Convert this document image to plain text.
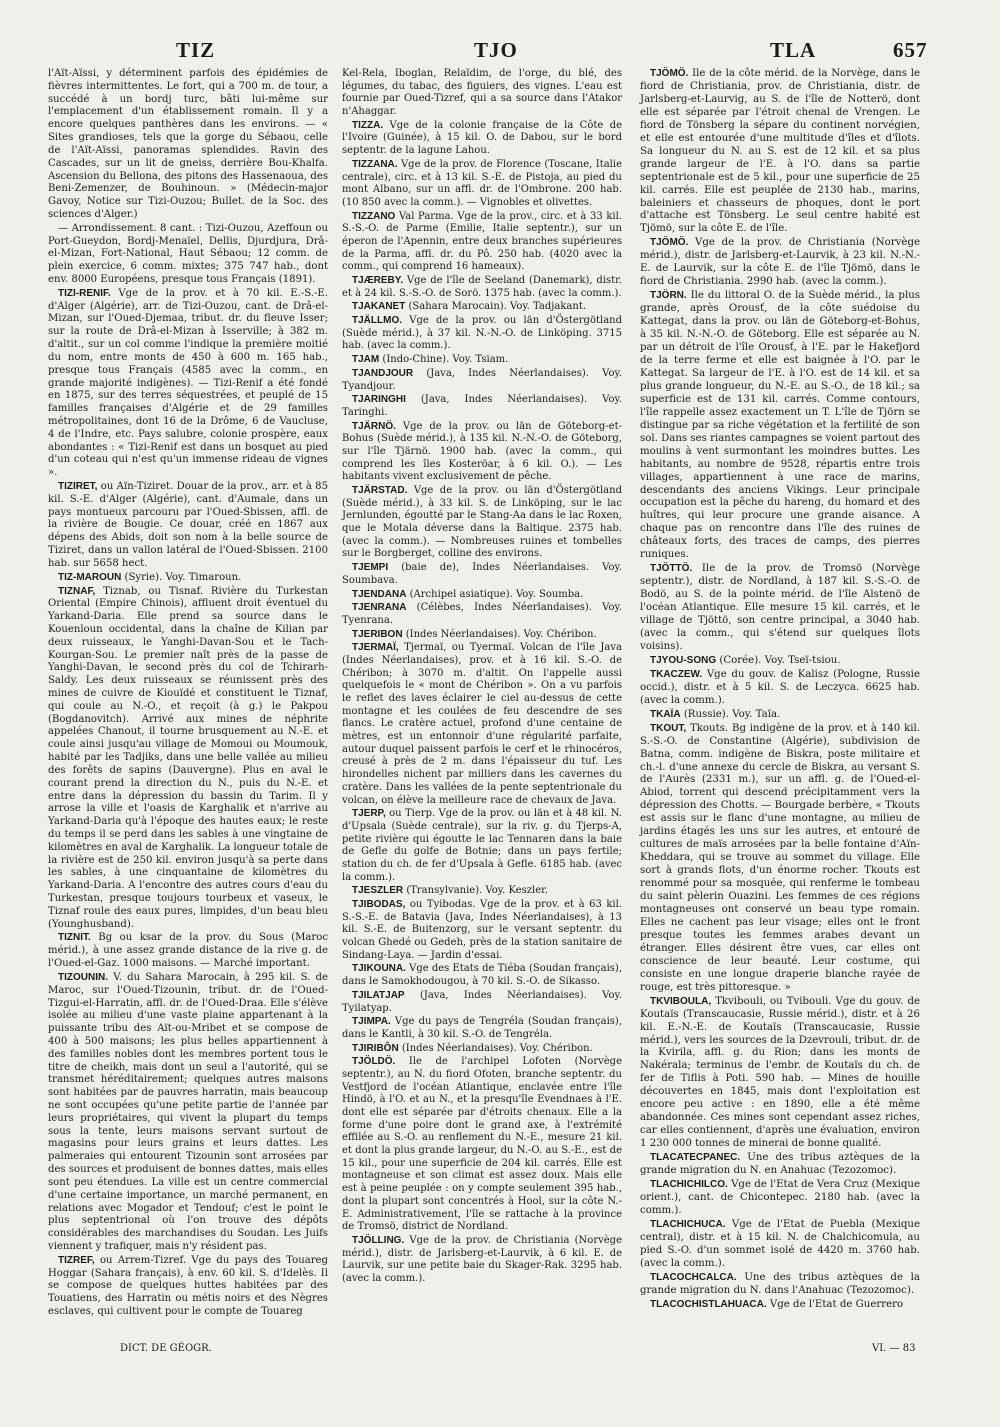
TIZ	TJO	TLA	657

l'Aït-Aïssi, y déterminent parfois des épidémies de fièvres intermittentes. Le fort, qui a 700 m. de tour, a succédé à un bordj turc, bâti lui-même sur l'emplacement d'un établissement romain. Il y a encore quelques panthères dans les environs. — « Sites grandioses, tels que la gorge du Sébaou, celle de l'Aït-Aïssi, panoramas splendides. Ravin des Cascades, sur un lit de gneiss, derrière Bou-Khalfa. Ascension du Bellona, des pitons des Hassenaoua, des Beni-Zemenzer, de Bouhinoun. » (Médecin-major Gavoy, Notice sur Tizi-Ouzou; Bullet. de la Soc. des sciences d'Alger.)

— Arrondissement. 8 cant. : Tizi-Ouzou, Azeffoun ou Port-Gueydon, Bordj-Menaïel, Dellis, Djurdjura, Drâ-el-Mizan, Fort-National, Haut Sébaou; 12 comm. de plein exercice, 6 comm. mixtes; 375 747 hab., dont env. 8000 Européens, presque tous Français (1891).

TIZI-RENIF. Vge de la prov. et à 70 kil. E.-S.-E. d'Alger (Algérie), arr. de Tizi-Ouzou, cant. de Drâ-el-Mizan, sur l'Oued-Djemaa, tribut. dr. du fleuve Isser; sur la route de Drâ-el-Mizan à Isserville; à 382 m. d'altit., sur un col comme l'indique la première moitié du nom, entre monts de 450 à 600 m. 165 hab., presque tous Français (4585 avec la comm., en grande majorité indigènes). — Tizi-Renif a été fondé en 1875, sur des terres séquestrées, et peuplé de 15 familles françaises d'Algérie et de 29 familles métropolitaines, dont 16 de la Drôme, 6 de Vaucluse, 4 de l'Indre, etc. Pays salubre, colonie prospère, eaux abondantes : « Tizi-Renif est dans un bosquet au pied d'un coteau qui n'est qu'un immense rideau de vignes ».

TIZIRET, ou Aïn-Tiziret. Douar de la prov., arr. et à 85 kil. S.-E. d'Alger (Algérie), cant. d'Aumale, dans un pays montueux parcouru par l'Oued-Sbissen, affl. de la rivière de Bougie. Ce douar, créé en 1867 aux dépens des Abids, doit son nom à la belle source de Tiziret, dans un vallon latéral de l'Oued-Sbissen. 2100 hab. sur 5658 hect.

TIZ-MAROUN (Syrie). Voy. Timaroun.

TIZNAF, Tiznab, ou Tisnaf. Rivière du Turkestan Oriental (Empire Chinois), affluent droit éventuel du Yarkand-Daria. Elle prend sa source dans le Kouenloun occidental, dans la chaîne de Kilian par deux ruisseaux, le Yanghi-Davan-Sou et le Tach-Kourgan-Sou. Le premier naît près de la passe de Yanghi-Davan, le second près du col de Tchirarh-Saldy. Les deux ruisseaux se réunissent près des mines de cuivre de Kiouïdé et constituent le Tiznaf, qui coule au N.-O., et reçoit (à g.) le Pakpou (Bogdanovitch). Arrivé aux mines de néphrite appelées Chanout, il tourne brusquement au N.-E. et coule ainsi jusqu'au village de Momoui ou Moumouk, habité par les Tadjiks, dans une belle vallée au milieu des forêts de sapins (Dauvergne). Plus en aval le courant prend la direction du N., puis du N.-E. et entre dans la dépression du bassin du Tarim. Il y arrose la ville et l'oasis de Karghalik et n'arrive au Yarkand-Daria qu'à l'époque des hautes eaux; le reste du temps il se perd dans les sables à une vingtaine de kilomètres en aval de Karghalik. La longueur totale de la rivière est de 250 kil. environ jusqu'à sa perte dans les sables, à une cinquantaine de kilomètres du Yarkand-Daria. A l'encontre des autres cours d'eau du Turkestan, presque toujours tourbeux et vaseux, le Tiznaf roule des eaux pures, limpides, d'un beau bleu (Younghusband).

TIZNIT. Bg ou ksar de la prov. du Sous (Maroc mérid.), à une assez grande distance de la rive g. de l'Oued-el-Gaz. 1000 maisons. — Marché important.

TIZOUNIN. V. du Sahara Marocain, à 295 kil. S. de Maroc, sur l'Oued-Tizounin, tribut. dr. de l'Oued-Tizgui-el-Harratin, affl. dr. de l'Oued-Draa. Elle s'élève isolée au milieu d'une vaste plaine appartenant à la puissante tribu des Aït-ou-Mribet et se compose de 400 à 500 maisons; les plus belles appartiennent à des familles nobles dont les membres portent tous le titre de cheikh, mais dont un seul a l'autorité, qui se transmet héréditairement; quelques autres maisons sont habitées par de pauvres harratin, mais beaucoup ne sont occupées qu'une petite partie de l'année par leurs propriétaires, qui vivent la plupart du temps sous la tente, leurs maisons servant surtout de magasins pour leurs grains et leurs dattes. Les palmeraies qui entourent Tizounin sont arrosées par des sources et produisent de bonnes dattes, mais elles sont peu étendues. La ville est un centre commercial d'une certaine importance, un marché permanent, en relations avec Mogador et Tendouf; c'est le point le plus septentrional où l'on trouve des dépôts considérables des marchandises du Soudan. Les Juifs viennent y trafiquer, mais n'y résident pas.

TIZREF, ou Arrem-Tizref. Vge du pays des Touareg Hoggar (Sahara français), à env. 60 kil. S. d'Idelès. Il se compose de quelques huttes habitées par des Touatiens, des Harratin ou métis noirs et des Nègres esclaves, qui cultivent pour le compte de Touareg

Kel-Rela, Iboglan, Relaïdim, de l'orge, du blé, des légumes, du tabac, des figuiers, des vignes. L'eau est fournie par Oued-Tizref, qui a sa source dans l'Atakor n'Ahaggar.

TIZZA. Vge de la colonie française de la Côte de l'Ivoire (Guinée), à 15 kil. O. de Dabou, sur le bord septentr. de la lagune Lahou.

TIZZANA. Vge de la prov. de Florence (Toscane, Italie centrale), circ. et à 13 kil. S.-E. de Pistoja, au pied du mont Albano, sur un affl. dr. de l'Ombrone. 200 hab. (10 850 avec la comm.). — Vignobles et olivettes.

TIZZANO Val Parma. Vge de la prov., circ. et à 33 kil. S.-S.-O. de Parme (Emilie, Italie septentr.), sur un éperon de l'Apennin, entre deux branches supérieures de la Parma, affl. dr. du Pô. 250 hab. (4020 avec la comm., qui comprend 16 hameaux).

TJÆREBY. Vge de l'île de Seeland (Danemark), distr. et à 24 kil. S.-S.-O. de Sorö. 1375 hab. (avec la comm.).

TJAKANET (Sahara Marocain). Voy. Tadjakant.

TJÄLLMO. Vge de la prov. ou län d'Östergötland (Suède mérid.), à 37 kil. N.-N.-O. de Linköping. 3715 hab. (avec la comm.).

TJAM (Indo-Chine). Voy. Tsiam.

TJANDJOUR (Java, Indes Néerlandaises). Voy. Tyandjour.

TJARINGHI (Java, Indes Néerlandaises). Voy. Taringhi.

TJÄRNÖ. Vge de la prov. ou län de Göteborg-et-Bohus (Suède mérid.), à 135 kil. N.-N.-O. de Göteborg, sur l'île Tjärnö. 1900 hab. (avec la comm., qui comprend les îles Kosteröar, à 6 kil. O.). — Les habitants vivent exclusivement de pêche.

TJÄRSTAD. Vge de la prov. ou län d'Östergötland (Suède mérid.), à 33 kil. S. de Linköping, sur le lac Jernlunden, égoutté par le Stang-Aa dans le lac Roxen, que le Motala déverse dans la Baltique. 2375 hab. (avec la comm.). — Nombreuses ruines et tombelles sur le Borgberget, colline des environs.

TJEMPI (baie de), Indes Néerlandaises. Voy. Soumbava.

TJENDANA (Archipel asiatique). Voy. Soumba.

TJENRANA (Célèbes, Indes Néerlandaises). Voy. Tyenrana.

TJERIBON (Indes Néerlandaises). Voy. Chéribon.

TJERMAÏ, Tjermaï, ou Tyermaï. Volcan de l'île Java (Indes Néerlandaises), prov. et à 16 kil. S.-O. de Chéribon; à 3070 m. d'altit. On l'appelle aussi quelquefois le « mont de Chéribon ». On a vu parfois le reflet des laves éclairer le ciel au-dessus de cette montagne et les coulées de feu descendre de ses flancs. Le cratère actuel, profond d'une centaine de mètres, est un entonnoir d'une régularité parfaite, autour duquel paissent parfois le cerf et le rhinocéros, creusé à près de 2 m. dans l'épaisseur du tuf. Les hirondelles nichent par milliers dans les cavernes du cratère. Dans les vallées de la pente septentrionale du volcan, on élève la meilleure race de chevaux de Java.

TJERP, ou Tierp. Vge de la prov. ou län et à 48 kil. N. d'Upsala (Suède centrale), sur la riv. g. du Tjerps-A, petite rivière qui égoutte le lac Tennaren dans la baie de Gefle du golfe de Botnie; dans un pays fertile; station du ch. de fer d'Upsala à Gefle. 6185 hab. (avec la comm.).

TJESZLER (Transylvanie). Voy. Keszler.

TJIBODAS, ou Tyibodas. Vge de la prov. et à 63 kil. S.-S.-E. de Batavia (Java, Indes Néerlandaises), à 13 kil. S.-E. de Buitenzorg, sur le versant septentr. du volcan Ghedé ou Gedeh, près de la station sanitaire de Sindang-Laya. — Jardin d'essai.

TJIKOUNA. Vge des Etats de Tiéba (Soudan français), dans le Samokhodougou, à 70 kil. S.-O. de Sikasso.

TJILATJAP (Java, Indes Néerlandaises). Voy. Tyilatyap.

TJIMPA. Vge du pays de Tengréla (Soudan français), dans le Kantli, à 30 kil. S.-O. de Tengréla.

TJIRIBÔN (Indes Néerlandaises). Voy. Chéribon.

TJÖLDÖ. Ile de l'archipel Lofoten (Norvège septentr.), au N. du fiord Ofoten, branche septentr. du Vestfjord de l'océan Atlantique, enclavée entre l'île Hindö, à l'O. et au N., et la presqu'île Evendnaes à l'E. dont elle est séparée par d'étroits chenaux. Elle a la forme d'une poire dont le grand axe, à l'extrémité effilée au S.-O. au renflement du N.-E., mesure 21 kil. et dont la plus grande largeur, du N.-O. au S.-E., est de 15 kil., pour une superficie de 204 kil. carrés. Elle est montagneuse et son climat est assez doux. Mais elle est à peine peuplée : on y compte seulement 395 hab., dont la plupart sont concentrés à Hool, sur la côte N.-E. Administrativement, l'île se rattache à la province de Tromsö, district de Nordland.

TJÖLLING. Vge de la prov. de Christiania (Norvège mérid.), distr. de Jarlsberg-et-Laurvik, à 6 kil. E. de Laurvik, sur une petite baie du Skager-Rak. 3295 hab. (avec la comm.).

TJÖMÖ. Ile de la côte mérid. de la Norvège, dans le fiord de Christiania, prov. de Christiania, distr. de Jarlsberg-et-Laurvig, au S. de l'île de Notterö, dont elle est séparée par l'étroit chenal de Vrengen. Le fiord de Tönsberg la sépare du continent norvégien, et elle est entourée d'une multitude d'îles et d'îlots. Sa longueur du N. au S. est de 12 kil. et sa plus grande largeur de l'E. à l'O. dans sa partie septentrionale est de 5 kil., pour une superficie de 25 kil. carrés. Elle est peuplée de 2130 hab., marins, baleiniers et chasseurs de phoques, dont le port d'attache est Tönsberg. Le seul centre habité est Tjömö, sur la côte E. de l'île.

TJÖMÖ. Vge de la prov. de Christiania (Norvège mérid.), distr. de Jarlsberg-et-Laurvik, à 23 kil. N.-N.-E. de Laurvik, sur la côte E. de l'île Tjömö, dans le fiord de Christiania. 2990 hab. (avec la comm.).

TJÖRN. Ile du littoral O. de la Suède mérid., la plus grande, après Orousť, de la côte suédoise du Kattegat, dans la prov. ou län de Göteborg-et-Bohus, à 35 kil. N.-N.-O. de Göteborg. Elle est séparée au N. par un détroit de l'île Orousť, à l'E. par le Hakefjord de la terre ferme et elle est baignée à l'O. par le Kattegat. Sa largeur de l'E. à l'O. est de 14 kil. et sa plus grande longueur, du N.-E. au S.-O., de 18 kil.; sa superficie est de 131 kil. carrés. Comme contours, l'île rappelle assez exactement un T. L'île de Tjörn se distingue par sa riche végétation et la fertilité de son sol. Dans ses riantes campagnes se voient partout des moulins à vent surmontant les moindres buttes. Les habitants, au nombre de 9528, répartis entre trois villages, appartiennent à une race de marins, descendants des anciens Vikings. Leur principale occupation est la pêche du hareng, du homard et des huîtres, qui leur procure une grande aisance. A chaque pas on rencontre dans l'île des ruines de châteaux forts, des traces de camps, des pierres runiques.

TJÖTTÖ. Ile de la prov. de Tromsö (Norvège septentr.), distr. de Nordland, à 187 kil. S.-S.-O. de Bodö, au S. de la pointe mérid. de l'île Alstenö de l'océan Atlantique. Elle mesure 15 kil. carrés, et le village de Tjöttö, son centre principal, a 3040 hab. (avec la comm., qui s'étend sur quelques îlots voisins).

TJYOU-SONG (Corée). Voy. Tseï-tsiou.

TKACZEW. Vge du gouv. de Kalisz (Pologne, Russie occid.), distr. et à 5 kil. S. de Leczyca. 6625 hab. (avec la comm.).

TKAÏA (Russie). Voy. Taïa.

TKOUT, Tkouts. Bg indigène de la prov. et à 140 kil. S.-S.-O. de Constantine (Algérie), subdivision de Batna, comm. indigène de Biskra, poste militaire et ch.-l. d'une annexe du cercle de Biskra, au versant S. de l'Aurès (2331 m.), sur un affl. g. de l'Oued-el-Abiod, torrent qui descend précipitamment vers la dépression des Chotts. — Bourgade berbère, « Tkouts est assis sur le flanc d'une montagne, au milieu de jardins étagés les uns sur les autres, et entouré de cultures de maïs arrosées par la belle fontaine d'Aïn-Kheddara, qui se trouve au sommet du village. Elle sort à grands flots, d'un énorme rocher. Tkouts est renommé pour sa mosquée, qui renferme le tombeau du saint pèlerin Ouazini. Les femmes de ces régions montagneuses ont conservé un beau type romain. Elles ne cachent pas leur visage; elles ont le front presque toutes les femmes arabes devant un étranger. Elles désirent être vues, car elles ont conscience de leur beauté. Leur costume, qui consiste en une longue draperie blanche rayée de rouge, est très pittoresque. »

TKVIBOULA, Tkvibouli, ou Tvibouli. Vge du gouv. de Koutaïs (Transcaucasie, Russie mérid.), distr. et à 26 kil. E.-N.-E. de Koutaïs (Transcaucasie, Russie mérid.), vers les sources de la Dzevrouli, tribut. dr. de la Kvirila, affl. g. du Rion; dans les monts de Nakérala; terminus de l'embr. de Koutaïs du ch. de fer de Tiflis à Poti. 590 hab. — Mines de houille découvertes en 1845, mais dont l'exploitation est encore peu active : en 1890, elle a été même abandonnée. Ces mines sont cependant assez riches, car elles contiennent, d'après une évaluation, environ 1 230 000 tonnes de minerai de bonne qualité.

TLACATECPANEC. Une des tribus aztèques de la grande migration du N. en Anahuac (Tezozomoc).

TLACHICHILCO. Vge de l'Etat de Vera Cruz (Mexique orient.), cant. de Chicontepec. 2180 hab. (avec la comm.).

TLACHICHUCA. Vge de l'Etat de Puebla (Mexique central), distr. et à 15 kil. N. de Chalchicomula, au pied S.-O. d'un sommet isolé de 4420 m. 3760 hab. (avec la comm.).

TLACOCHCALCA. Une des tribus aztèques de la grande migration du N. dans l'Anahuac (Tezozomoc).

TLACOCHISTLAHUACA. Vge de l'Etat de Guerrero

DICT. DE GÉOGR.	VI. — 83
